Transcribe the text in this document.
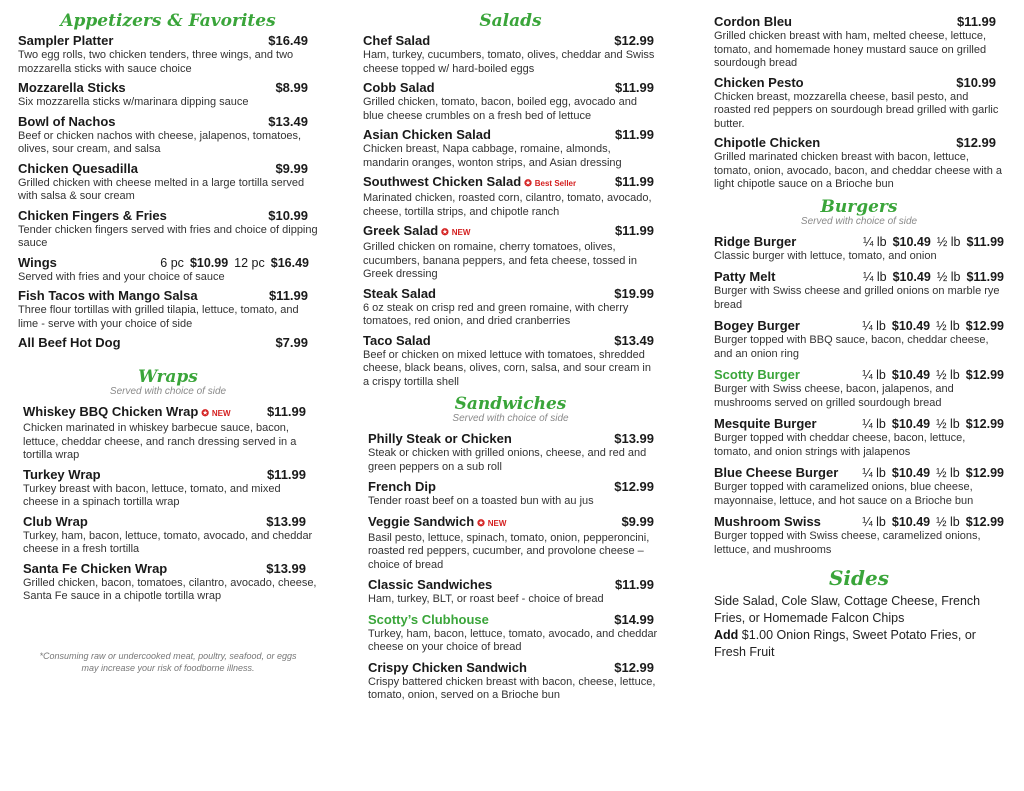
Appetizers & Favorites
Sampler Platter	$16.49
Two egg rolls, two chicken tenders, three wings, and two mozzarella sticks with sauce choice
Mozzarella Sticks	$8.99
Six mozzarella sticks w/marinara dipping sauce
Bowl of Nachos	$13.49
Beef or chicken nachos with cheese, jalapenos, tomatoes, olives, sour cream, and salsa
Chicken Quesadilla	$9.99
Grilled chicken with cheese melted in a large tortilla served with salsa & sour cream
Chicken Fingers & Fries	$10.99
Tender chicken fingers served with fries and choice of dipping sauce
Wings	6 pc $10.99 12 pc $16.49
Served with fries and your choice of sauce
Fish Tacos with Mango Salsa	$11.99
Three flour tortillas with grilled tilapia, lettuce, tomato, and lime - serve with your choice of side
All Beef Hot Dog	$7.99
Wraps

Served with choice of side

Whiskey BBQ Chicken Wrap ✪ NEW	$11.99
Chicken marinated in whiskey barbecue sauce, bacon, lettuce, cheddar cheese, and ranch dressing served in a tortilla wrap
Turkey Wrap	$11.99
Turkey breast with bacon, lettuce, tomato, and mixed cheese in a spinach tortilla wrap
Club Wrap	$13.99
Turkey, ham, bacon, lettuce, tomato, avocado, and cheddar cheese in a fresh tortilla
Santa Fe Chicken Wrap	$13.99
Grilled chicken, bacon, tomatoes, cilantro, avocado, cheese, Santa Fe sauce in a chipotle tortilla wrap

*Consuming raw or undercooked meat, poultry, seafood, or eggs may increase your risk of foodborne illness.

Salads
Chef Salad	$12.99
Ham, turkey, cucumbers, tomato, olives, cheddar and Swiss cheese topped w/ hard-boiled eggs
Cobb Salad	$11.99
Grilled chicken, tomato, bacon, boiled egg, avocado and blue cheese crumbles on a fresh bed of lettuce
Asian Chicken Salad	$11.99
Chicken breast, Napa cabbage, romaine, almonds, mandarin oranges, wonton strips, and Asian dressing
Southwest Chicken Salad ✪ Best Seller	$11.99
Marinated chicken, roasted corn, cilantro, tomato, avocado, cheese, tortilla strips, and chipotle ranch
Greek Salad ✪ NEW	$11.99
Grilled chicken on romaine, cherry tomatoes, olives, cucumbers, banana peppers, and feta cheese, tossed in Greek dressing
Steak Salad	$19.99
6 oz steak on crisp red and green romaine, with cherry tomatoes, red onion, and dried cranberries
Taco Salad	$13.49
Beef or chicken on mixed lettuce with tomatoes, shredded cheese, black beans, olives, corn, salsa, and sour cream in a crispy tortilla shell
Sandwiches

Served with choice of side

Philly Steak or Chicken	$13.99
Steak or chicken with grilled onions, cheese, and red and green peppers on a sub roll
French Dip	$12.99
Tender roast beef on a toasted bun with au jus
Veggie Sandwich ✪ NEW	$9.99
Basil pesto, lettuce, spinach, tomato, onion, pepperoncini, roasted red peppers, cucumber, and provolone cheese – choice of bread
Classic Sandwiches	$11.99
Ham, turkey, BLT, or roast beef - choice of bread
Scotty’s Clubhouse	$14.99
Turkey, ham, bacon, lettuce, tomato, avocado, and cheddar cheese on your choice of bread
Crispy Chicken Sandwich	$12.99
Crispy battered chicken breast with bacon, cheese, lettuce, tomato, onion, served on a Brioche bun
Cordon Bleu	$11.99
Grilled chicken breast with ham, melted cheese, lettuce, tomato, and homemade honey mustard sauce on grilled sourdough bread
Chicken Pesto	$10.99
Chicken breast, mozzarella cheese, basil pesto, and roasted red peppers on sourdough bread grilled with garlic butter.
Chipotle Chicken	$12.99
Grilled marinated chicken breast with bacon, lettuce, tomato, onion, avocado, bacon, and cheddar cheese with a light chipotle sauce on a Brioche bun
Burgers

Served with choice of side

Ridge Burger	¼ lb $10.49 ½ lb $11.99
Classic burger with lettuce, tomato, and onion
Patty Melt	¼ lb $10.49 ½ lb $11.99
Burger with Swiss cheese and grilled onions on marble rye bread
Bogey Burger	¼ lb $10.49 ½ lb $12.99
Burger topped with BBQ sauce, bacon, cheddar cheese, and an onion ring
Scotty Burger	¼ lb $10.49 ½ lb $12.99
Burger with Swiss cheese, bacon, jalapenos, and mushrooms served on grilled sourdough bread
Mesquite Burger	¼ lb $10.49 ½ lb $12.99
Burger topped with cheddar cheese, bacon, lettuce, tomato, and onion strings with jalapenos
Blue Cheese Burger ¼ lb $10.49 ½ lb $12.99
Burger topped with caramelized onions, blue cheese, mayonnaise, lettuce, and hot sauce on a Brioche bun
Mushroom Swiss	¼ lb $10.49 ½ lb $12.99
Burger topped with Swiss cheese, caramelized onions, lettuce, and mushrooms
Sides
Side Salad, Cole Slaw, Cottage Cheese, French Fries, or Homemade Falcon Chips
Add $1.00 Onion Rings, Sweet Potato Fries, or Fresh Fruit
